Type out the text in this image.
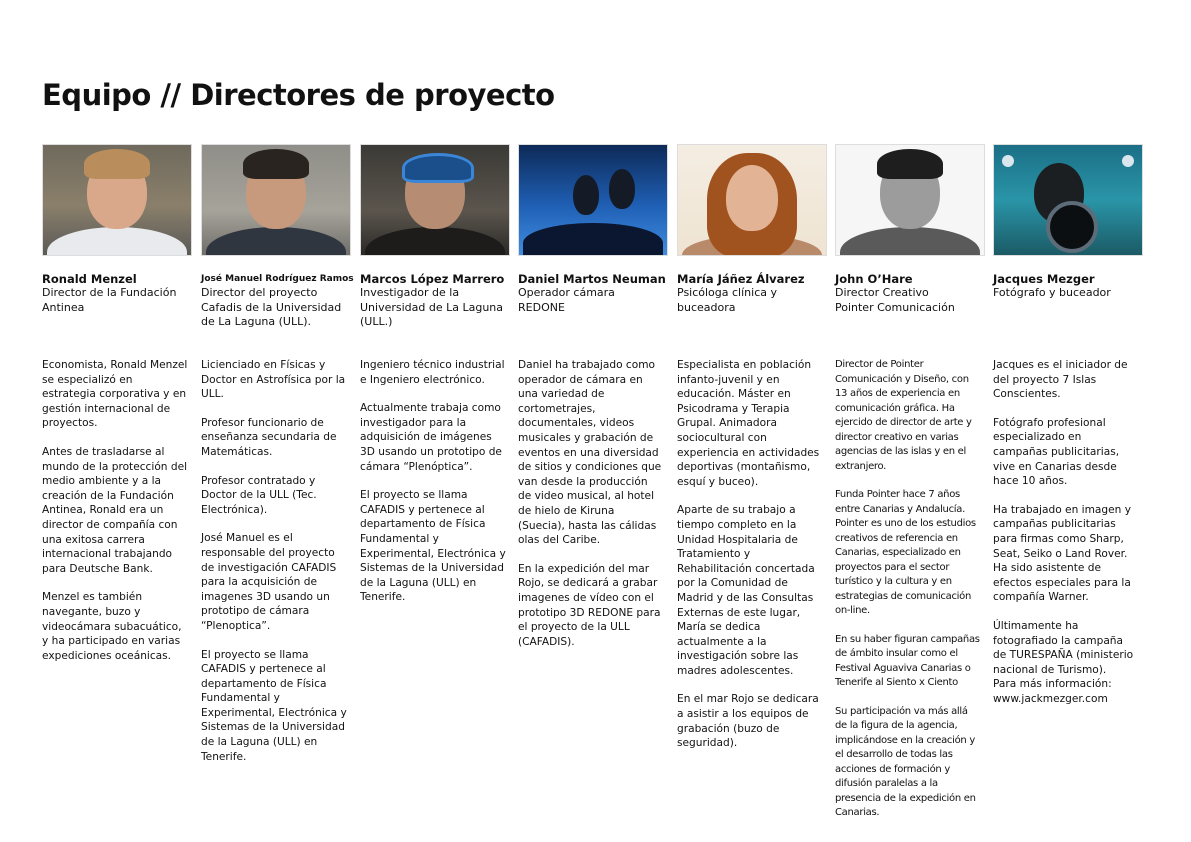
Equipo // Directores de proyecto
Ronald Menzel

Director de la Fundación
Antinea

Economista, Ronald Menzel se especializó en estrategia corporativa y en gestión internacional de proyectos.

Antes de trasladarse al mundo de la protección del medio ambiente y a la creación de la Fundación Antinea, Ronald era un director de compañía con una exitosa carrera internacional trabajando para Deutsche Bank.

Menzel es también navegante, buzo y videocámara subacuático, y ha participado en varias expediciones oceánicas.

José Manuel Rodríguez Ramos

Director del proyecto Cafadis de la Universidad de La Laguna (ULL).

Licienciado en Físicas y Doctor en Astrofísica por la ULL.

Profesor funcionario de enseñanza secundaria de Matemáticas.

Profesor contratado y Doctor de la ULL (Tec. Electrónica).

José Manuel es el responsable del proyecto de investigación CAFADIS para la acquisición de imagenes 3D usando un prototipo de cámara “Plenoptica”.

El proyecto se llama CAFADIS y pertenece al departamento de Física Fundamental y Experimental, Electrónica y Sistemas de la Universidad de la Laguna (ULL) en Tenerife.

Marcos López Marrero

Investigador de la Universidad de La Laguna (ULL.)

Ingeniero técnico industrial e Ingeniero electrónico.

Actualmente trabaja como investigador para la adquisición de imágenes 3D usando un prototipo de cámara “Plenóptica”.

El proyecto se llama CAFADIS y pertenece al departamento de Física Fundamental y Experimental, Electrónica y Sistemas de la Universidad de la Laguna (ULL) en Tenerife.

Daniel Martos Neuman

Operador cámara
REDONE

Daniel ha trabajado como operador de cámara en una variedad de cortometrajes, documentales, videos musicales y grabación de eventos en una diversidad de sitios y condiciones que van desde la producción de video musical, al hotel de hielo de Kiruna (Suecia), hasta las cálidas olas del Caribe.

En la expedición del mar Rojo, se dedicará a grabar imagenes de vídeo con el prototipo 3D REDONE para el proyecto de la ULL (CAFADIS).

María Jáñez Álvarez

Psicóloga clínica y
buceadora

Especialista en población infanto-juvenil y en educación. Máster en Psicodrama y Terapia Grupal. Animadora sociocultural con experiencia en actividades deportivas (montañismo, esquí y buceo).

Aparte de su trabajo a tiempo completo en la Unidad Hospitalaria de Tratamiento y Rehabilitación concertada por la Comunidad de Madrid y de las Consultas Externas de este lugar, María se dedica actualmente a la investigación sobre las madres adolescentes.

En el mar Rojo se dedicara a asistir a los equipos de grabación (buzo de seguridad).

John O’Hare

Director Creativo
Pointer Comunicación

Director de Pointer Comunicación y Diseño, con 13 años de experiencia en comunicación gráfica. Ha ejercido de director de arte y director creativo en varias agencias de las islas y en el extranjero.

Funda Pointer hace 7 años entre Canarias y Andalucía. Pointer es uno de los estudios creativos de referencia en Canarias, especializado en proyectos para el sector turístico y la cultura y en estrategias de comunicación on-line.

En su haber figuran campañas de ámbito insular como el Festival Aguaviva Canarias o Tenerife al Siento x Ciento

Su participación va más allá de la figura de la agencia, implicándose en la creación y el desarrollo de todas las acciones de formación y difusión paralelas a la presencia de la expedición en Canarias.

Jacques Mezger

Fotógrafo y buceador

Jacques es el iniciador de del proyecto 7 Islas Conscientes.

Fotógrafo profesional especializado en campañas publicitarias, vive en Canarias desde hace 10 años.

Ha trabajado en imagen y campañas publicitarias para firmas como Sharp, Seat, Seiko o Land Rover. Ha sido asistente de efectos especiales para la compañía Warner.

Últimamente ha fotografiado la campaña de TURESPAÑA (ministerio nacional de Turismo).
Para más información: www.jackmezger.com
